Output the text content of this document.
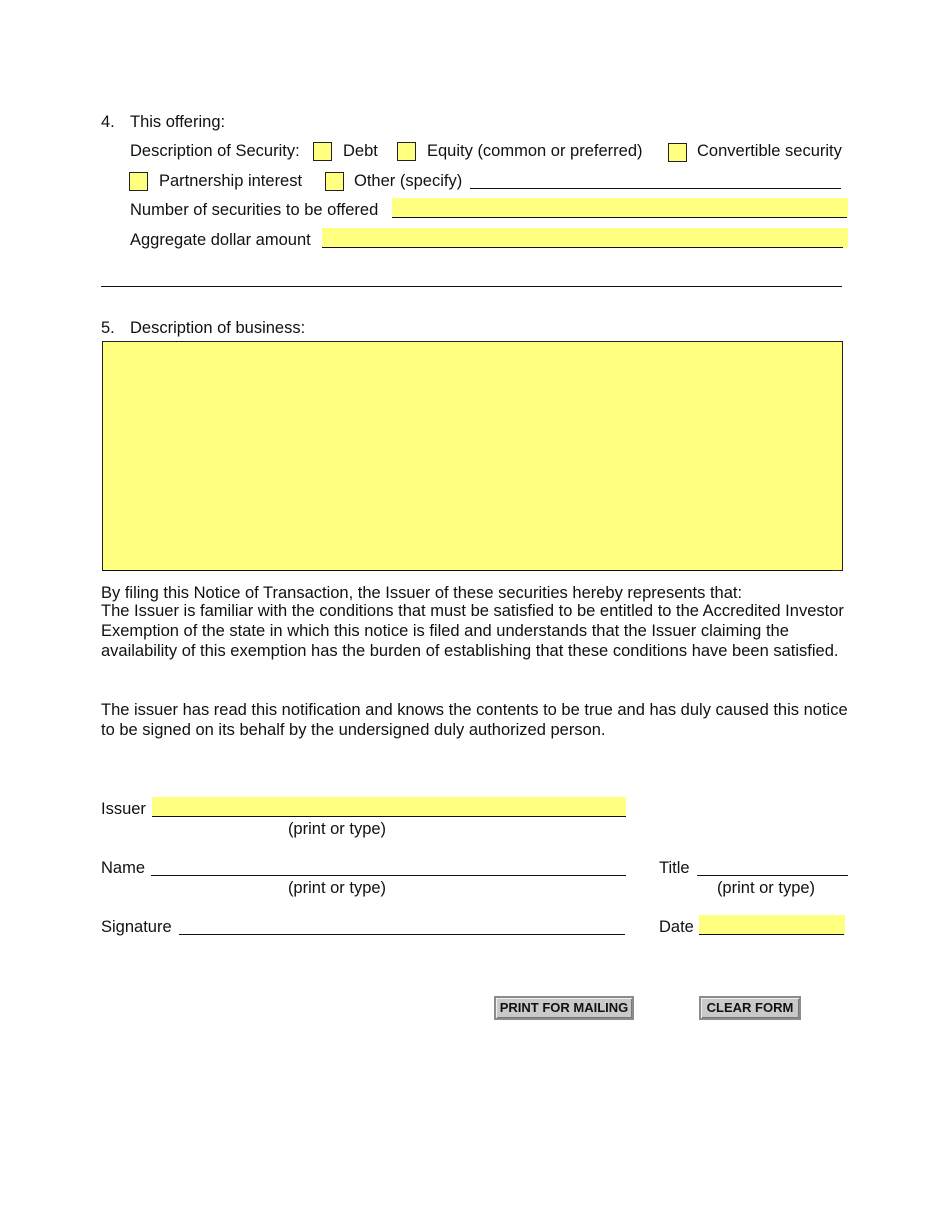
4. This offering:
Description of Security:	Debt	Equity (common or preferred)	Convertible security
Partnership interest	Other (specify)
Number of securities to be offered
Aggregate dollar amount
5. Description of business:
By filing this Notice of Transaction, the Issuer of these securities hereby represents that:
The Issuer is familiar with the conditions that must be satisfied to be entitled to the Accredited Investor Exemption of the state in which this notice is filed and understands that the Issuer claiming the availability of this exemption has the burden of establishing that these conditions have been satisfied.
The issuer has read this notification and knows the contents to be true and has duly caused this notice to be signed on its behalf by the undersigned duly authorized person.
Issuer
(print or type)
Name
(print or type)
Title
(print or type)
Signature	Date
PRINT FOR MAILING	CLEAR FORM
